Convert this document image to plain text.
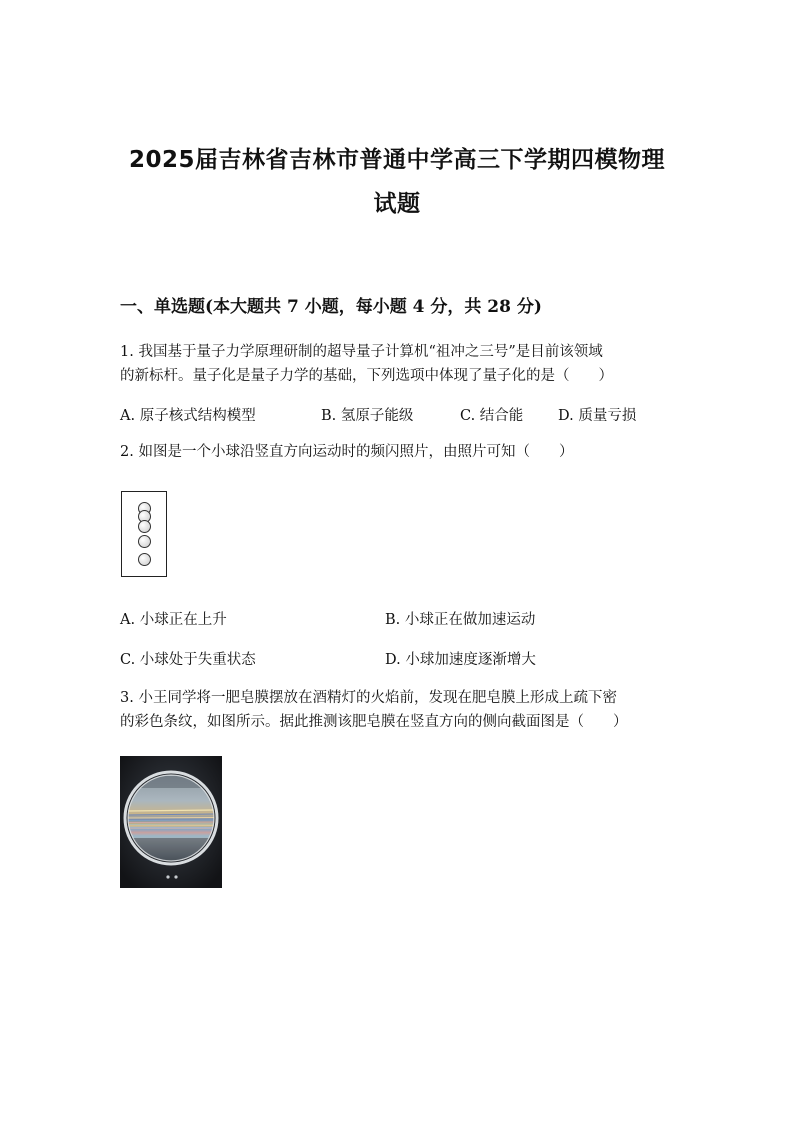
2025届吉林省吉林市普通中学高三下学期四模物理
试题
一、单选题(本大题共 7 小题，每小题 4 分，共 28 分)
1. 我国基于量子力学原理研制的超导量子计算机“祖冲之三号”是目前该领域
的新标杆。量子化是量子力学的基础，下列选项中体现了量子化的是（　　）
A. 原子核式结构模型	B. 氢原子能级	C. 结合能 D. 质量亏损
2. 如图是一个小球沿竖直方向运动时的频闪照片，由照片可知（　　）
A. 小球正在上升	B. 小球正在做加速运动
C. 小球处于失重状态	D. 小球加速度逐渐增大
3. 小王同学将一肥皂膜摆放在酒精灯的火焰前，发现在肥皂膜上形成上疏下密
的彩色条纹，如图所示。据此推测该肥皂膜在竖直方向的侧向截面图是（　　）
